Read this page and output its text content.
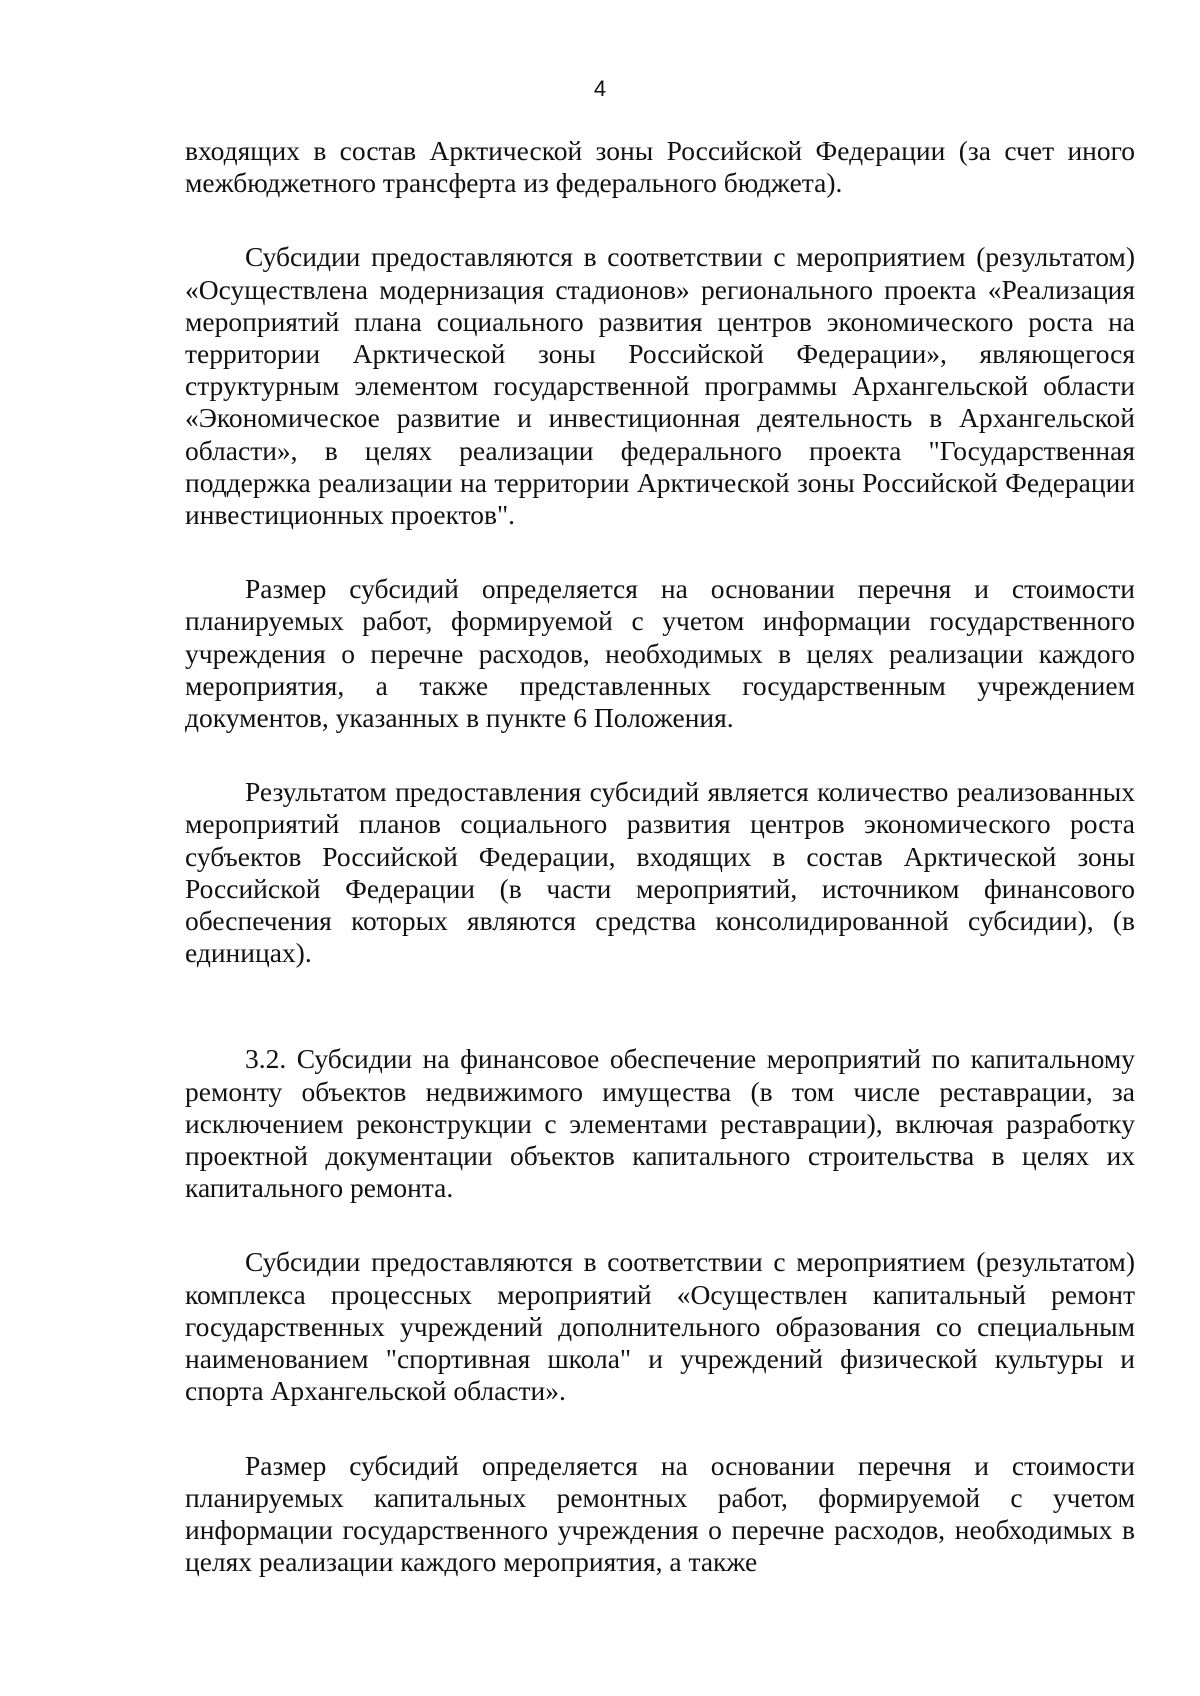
4

входящих в состав Арктической зоны Российской Федерации (за счет иного межбюджетного трансферта из федерального бюджета).

Субсидии предоставляются в соответствии с мероприятием (результатом) «Осуществлена модернизация стадионов» регионального проекта «Реализация мероприятий плана социального развития центров экономического роста на территории Арктической зоны Российской Федерации», являющегося структурным элементом государственной программы Архангельской области «Экономическое развитие и инвестиционная деятельность в Архангельской области», в целях реализации федерального проекта "Государственная поддержка реализации на территории Арктической зоны Российской Федерации инвестиционных проектов".

Размер субсидий определяется на основании перечня и стоимости планируемых работ, формируемой с учетом информации государственного учреждения о перечне расходов, необходимых в целях реализации каждого мероприятия, а также представленных государственным учреждением документов, указанных в пункте 6 Положения.

Результатом предоставления субсидий является количество реализованных мероприятий планов социального развития центров экономического роста субъектов Российской Федерации, входящих в состав Арктической зоны Российской Федерации (в части мероприятий, источником финансового обеспечения которых являются средства консолидированной субсидии), (в единицах).

3.2. Субсидии на финансовое обеспечение мероприятий по капитальному ремонту объектов недвижимого имущества (в том числе реставрации, за исключением реконструкции с элементами реставрации), включая разработку проектной документации объектов капитального строительства в целях их капитального ремонта.

Субсидии предоставляются в соответствии с мероприятием (результатом) комплекса процессных мероприятий «Осуществлен капитальный ремонт государственных учреждений дополнительного образования со специальным наименованием "спортивная школа" и учреждений физической культуры и спорта Архангельской области».

Размер субсидий определяется на основании перечня и стоимости планируемых капитальных ремонтных работ, формируемой с учетом информации государственного учреждения о перечне расходов, необходимых в целях реализации каждого мероприятия, а также
